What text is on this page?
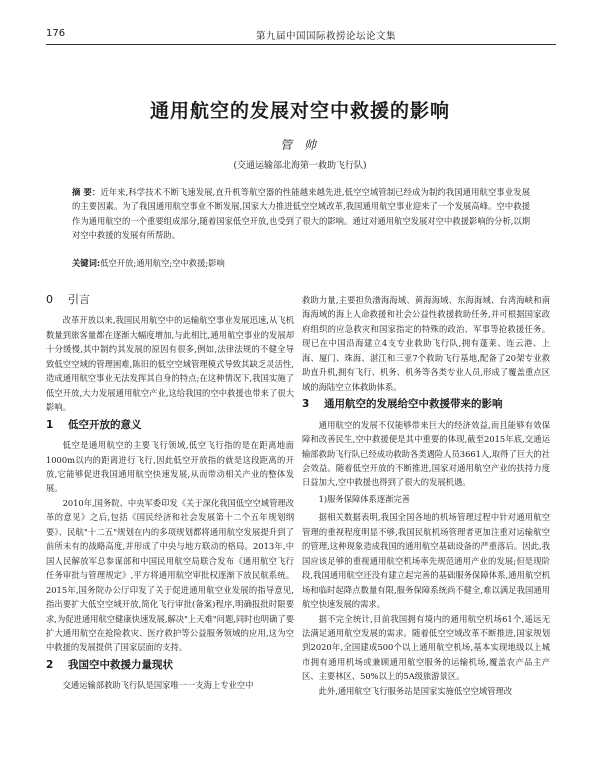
176	第九届中国国际救捞论坛论文集
通用航空的发展对空中救援的影响
管 帅
(交通运输部北海第一救助飞行队)
摘 要：近年来,科学技术不断飞速发展,直升机等航空器的性能越来越先进,低空空域管制已经成为制约我国通用航空事业发展的主要因素。为了我国通用航空事业不断发展,国家大力推进低空空域改革,我国通用航空事业迎来了一个发展高峰。空中救援作为通用航空的一个重要组成部分,随着国家低空开放,也受到了很大的影响。通过对通用航空发展对空中救援影响的分析,以期对空中救援的发展有所帮助。
关键词:低空开放;通用航空;空中救援;影响
0 引言

改革开放以来,我国民用航空中的运输航空事业发展迅速,从飞机数量到旅客量都在逐渐大幅度增加,与此相比,通用航空事业的发展却十分缓慢,其中制约其发展的原因有很多,例如,法律法规的不健全导致低空空域的管理困难,陈旧的低空空域管理模式导致其缺乏灵活性,造成通用航空事业无法发挥其自身的特点;在这种情况下,我国实施了低空开放,大力发展通用航空产业,这给我国的空中救援也带来了很大影响。

1 低空开放的意义

低空是通用航空的主要飞行领域,低空飞行指的是在距离地面1000m以内的距离进行飞行,因此低空开放指的就是这段距离的开放,它能够促进我国通用航空快速发展,从而带动相关产业的整体发展。

2010年,国务院、中央军委印发《关于深化我国低空空域管理改革的意见》之后,包括《国民经济和社会发展第十二个五年规划纲要》、民航"十二五"规划在内的多项规划都将通用航空发展提升到了前所未有的战略高度,并形成了中央与地方联动的格局。2013年,中国人民解放军总参谋部和中国民用航空局联合发布《通用航空飞行任务审批与管理规定》,平方将通用航空审批权逐渐下放民航系统。2015年,国务院办公厅印发了关于促进通用航空业发展的指导意见,指出要扩大低空空域开放,简化飞行审批(备案)程序,明确报批时限要求,为促进通用航空健康快速发展,解决"上天难"问题,同时也明确了要扩大通用航空在抢险救灾、医疗救护等公益服务领域的应用,这为空中救援的发展提供了国家层面的支持。

2 我国空中救援力量现状

交通运输部救助飞行队是国家唯一一支海上专业空中

救助力量,主要担负渤海海域、黄海海域、东海海域、台湾海峡和南海海域的海上人命救援和社会公益性救援救助任务,并可根据国家政府组织的应急救灾和国家指定的特殊的政治、军事等抢救援任务。现已在中国沿海建立4支专业救助飞行队,拥有蓬莱、连云港、上海、厦门、珠海、湛江和三亚7个救助飞行基地,配备了20架专业救助直升机,拥有飞行、机务、机务等各类专业人员,形成了覆盖重点区域的海陆空立体救助体系。

3 通用航空的发展给空中救援带来的影响

通用航空的发展不仅能够带来巨大的经济效益,而且能够有效保障和改善民生,空中救援便是其中重要的体现,截至2015年底,交通运输部救助飞行队已经成功救助各类遇险人员3661人,取得了巨大的社会效益。随着低空开放的不断推进,国家对通用航空产业的扶持力度日益加大,空中救援也得到了很大的发展机遇。

1)服务保障体系逐渐完善

据相关数据表明,我国全国各地的机场管理过程中针对通用航空管理的重视程度明显不够,我国民航机场管理者更加注重对运输航空的管理,这种现象造成我国的通用航空基础设备的严重落后。因此,我国应该足够的重视通用航空机场率先规范通用产业的发展;但是现阶段,我国通用航空还没有建立起完善的基础服务保障体系,通用航空机场和临时起降点数量有限,服务保障系统尚不健全,难以满足我国通用航空快速发展的需求。

据不完全统计,目前我国拥有境内的通用航空机场61个,遥远无法满足通用航空发展的需求。随着低空空域改革不断推进,国家规划到2020年,全国建成500个以上通用航空机场,基本实现地级以上城市拥有通用机场或兼顾通用航空服务的运输机场,覆盖农产品主产区、主要林区、50%以上的5A级旅游景区。

此外,通用航空飞行服务站是国家实施低空空域管理改
